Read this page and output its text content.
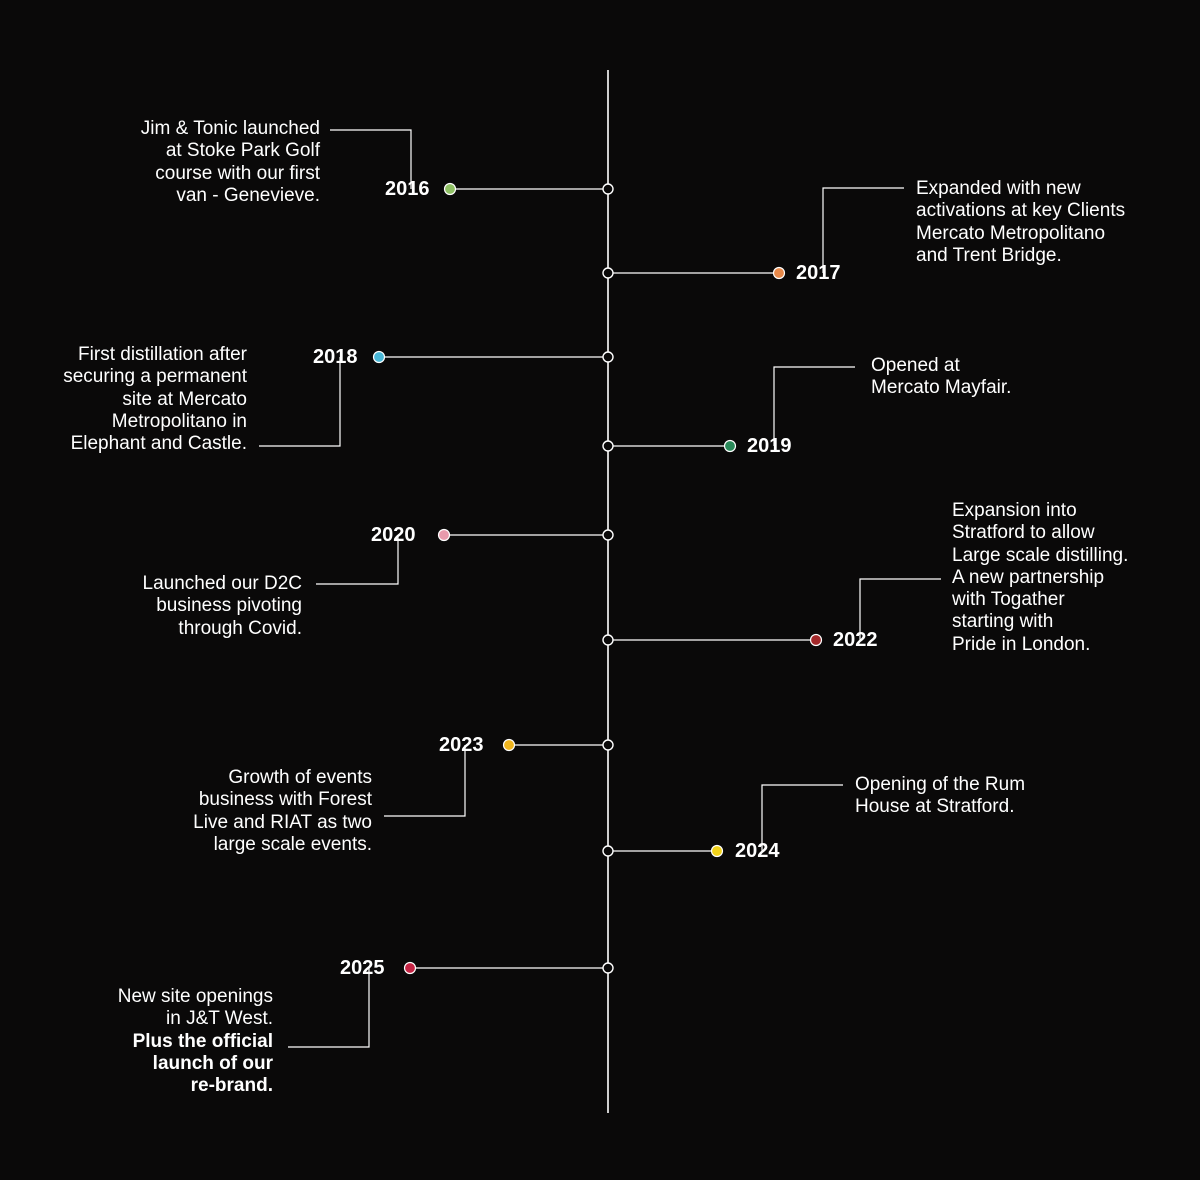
2016
Jim & Tonic launched
at Stoke Park Golf
course with our first
van - Genevieve.
2017
Expanded with new
activations at key Clients
Mercato Metropolitano
and Trent Bridge.
2018
First distillation after
securing a permanent
site at Mercato
Metropolitano in
Elephant and Castle.	2019
Opened at
Mercato Mayfair.
2020
Launched our D2C
business pivoting
through Covid.
2022
Expansion into
Stratford to allow
Large scale distilling.
A new partnership
with Togather
starting with
Pride in London.
2023
Growth of events
business with Forest
Live and RIAT as two
large scale events.	2024
Opening of the Rum
House at Stratford.
2025
New site openings
in J&T West.
Plus the official
launch of our
re-brand.
